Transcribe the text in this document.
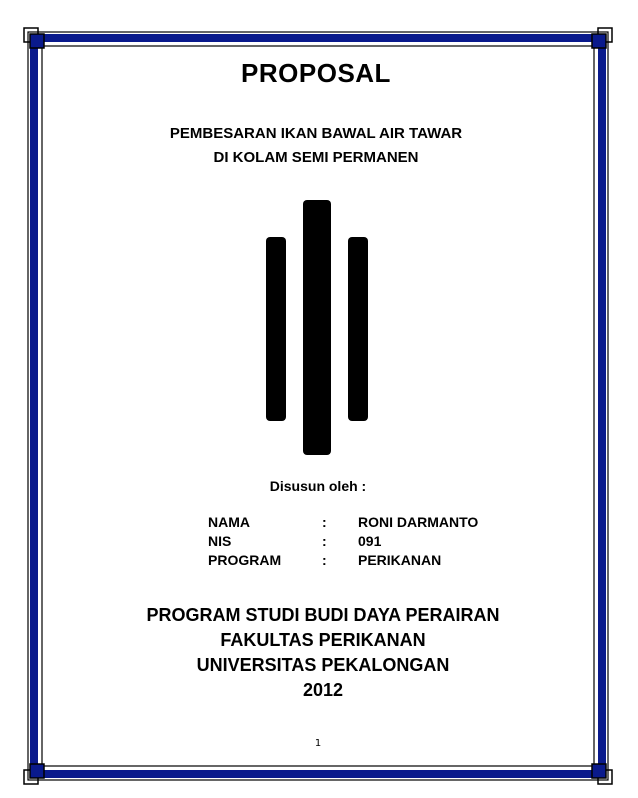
PROPOSAL
PEMBESARAN IKAN BAWAL AIR TAWAR
DI KOLAM SEMI PERMANEN
Disusun oleh :
NAMA	:	RONI DARMANTO
NIS	:	091
PROGRAM	:	PERIKANAN
PROGRAM STUDI BUDI DAYA PERAIRAN
FAKULTAS PERIKANAN
UNIVERSITAS PEKALONGAN
2012
1
